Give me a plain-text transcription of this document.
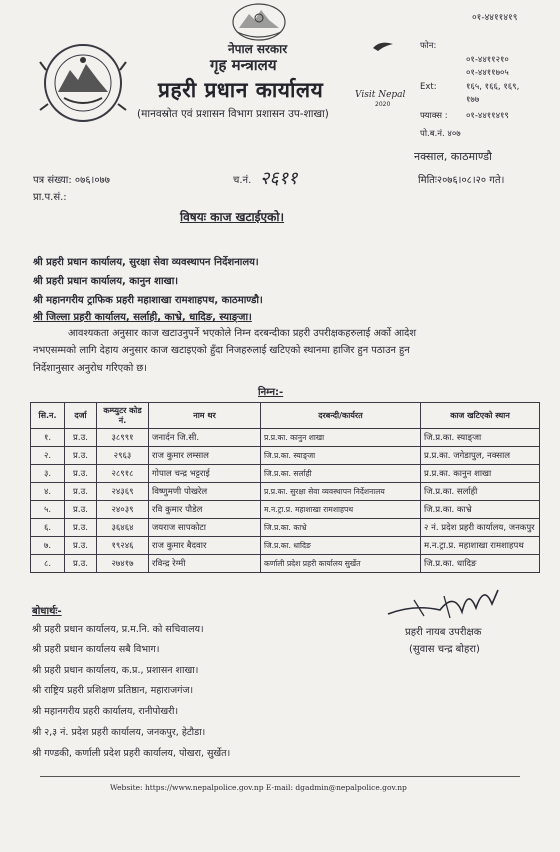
०१-४४११४१९
नेपाल सरकार
गृह मन्त्रालय
प्रहरी प्रधान कार्यालय
(मानवस्रोत एवं प्रशासन विभाग प्रशासन उप-शाखा)
Visit Nepal
2020
फोन:
०१-४४११२१०
०१-४४११७०५
Ext:	१६५, १६६, १६९,
१७७
फ्याक्स : ०१-४४११४१९
पो.ब.नं. ४०७
नक्साल, काठमाण्डौ
पत्र संख्या: ०७६।०७७
प्रा.प.सं.:
च.नं. २६११	मितिः२०७६।०८।२० गते।
विषयः काज खटाईएको।
श्री प्रहरी प्रधान कार्यालय, सुरक्षा सेवा व्यवस्थापन निर्देशनालय।
श्री प्रहरी प्रधान कार्यालय, कानुन शाखा।
श्री महानगरीय ट्राफिक प्रहरी महाशाखा रामशाहपथ, काठमाण्डौ।
श्री जिल्ला प्रहरी कार्यालय, सर्लाही, काभ्रे, धादिङ, स्याङ्जा।
आवश्यकता अनुसार काज खटाउनुपर्ने भएकोले निम्न दरबन्दीका प्रहरी उपरीक्षकहरुलाई अर्को आदेश
नभएसम्मको लागि देहाय अनुसार काज खटाइएको हुँदा निजहरुलाई खटिएको स्थानमा हाजिर हुन पठाउन हुन
निर्देशानुसार अनुरोध गरिएको छ।
निम्न:-
सि.न.	दर्जा	कम्प्युटर कोड नं.	नाम थर	दरबन्दी/कार्यरत	काज खटिएको स्थान
१.	प्र.उ.	३८९९१	जनार्दन जि.सी.	प्र.प्र.का. कानुन शाखा	जि.प्र.का. स्याङ्जा
२.	प्र.उ.	२९६३	राज कुमार लम्साल	जि.प्र.का. स्याङ्जा	प्र.प्र.का. जगेडापुल, नक्साल
३.	प्र.उ.	२८९१८	गोपाल चन्द्र भट्टराई	जि.प्र.का. सर्लाही	प्र.प्र.का. कानुन शाखा
४.	प्र.उ.	२४३६९	विष्णुमणी पोखरेल	प्र.प्र.का. सुरक्षा सेवा व्यवस्थापन निर्देशनालय	जि.प्र.का. सर्लाही
५.	प्र.उ.	२४०३९	रवि कुमार पौडेल	म.न.ट्रा.प्र. महाशाखा रामशाहपथ	जि.प्र.का. काभ्रे
६.	प्र.उ.	३६४६४	जयराज सापकोटा	जि.प्र.का. काभ्रे	२ नं. प्रदेश प्रहरी कार्यालय, जनकपुर
७.	प्र.उ.	१९२४६	राज कुमार बैदवार	जि.प्र.का. धादिङ	म.न.ट्रा.प्र. महाशाखा रामशाहपथ
८.	प्र.उ.	२७४१७	रविन्द्र रेग्मी	कर्णाली प्रदेश प्रहरी कार्यालय सुर्खेत	जि.प्र.का. धादिङ
प्रहरी नायब उपरीक्षक
(सुवास चन्द्र बोहरा)
बोधार्थः-
श्री प्रहरी प्रधान कार्यालय, प्र.म.नि. को सचिवालय।
श्री प्रहरी प्रधान कार्यालय सबै विभाग।
श्री प्रहरी प्रधान कार्यालय, क.प्र., प्रशासन शाखा।
श्री राष्ट्रिय प्रहरी प्रशिक्षण प्रतिष्ठान, महाराजगंज।
श्री महानगरीय प्रहरी कार्यालय, रानीपोखरी।
श्री २,३ नं. प्रदेश प्रहरी कार्यालय, जनकपुर, हेटौडा।
श्री गण्डकी, कर्णाली प्रदेश प्रहरी कार्यालय, पोखरा, सुर्खेत।
Website: https://www.nepalpolice.gov.np E-mail: dgadmin@nepalpolice.gov.np
